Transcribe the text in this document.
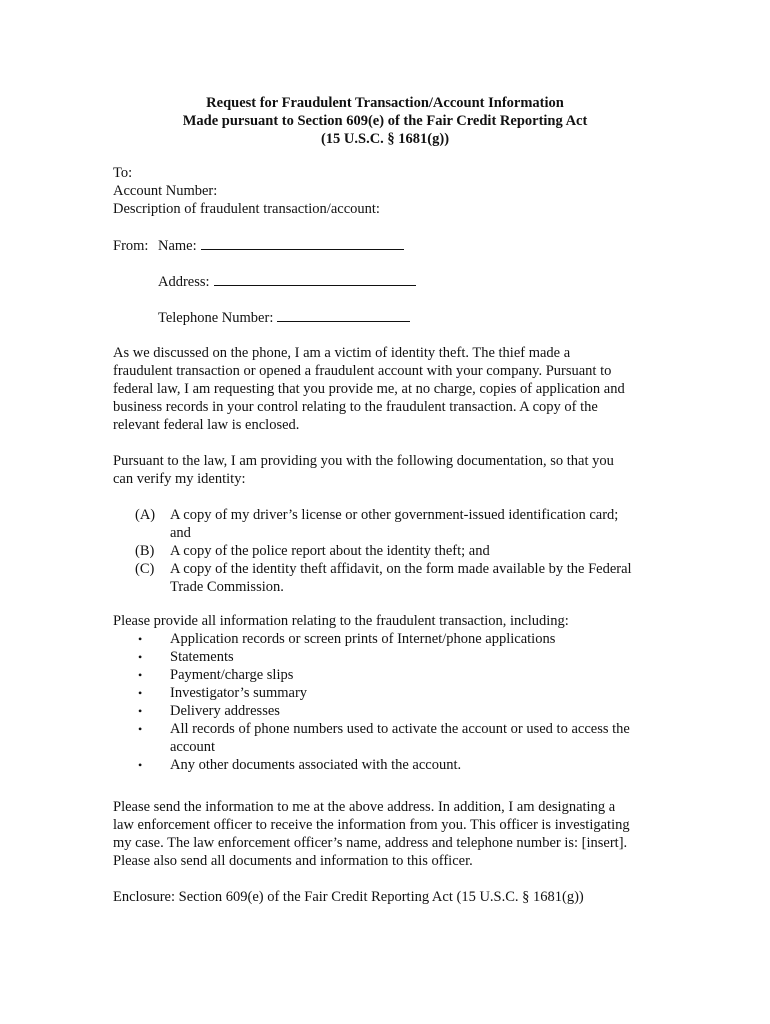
Request for Fraudulent Transaction/Account Information
Made pursuant to Section 609(e) of the Fair Credit Reporting Act
(15 U.S.C. § 1681(g))
To:
Account Number:
Description of fraudulent transaction/account:
From: Name:
Address:
Telephone Number:
As we discussed on the phone, I am a victim of identity theft. The thief made a
fraudulent transaction or opened a fraudulent account with your company. Pursuant to
federal law, I am requesting that you provide me, at no charge, copies of application and
business records in your control relating to the fraudulent transaction. A copy of the
relevant federal law is enclosed.
Pursuant to the law, I am providing you with the following documentation, so that you
can verify my identity:
(A)	A copy of my driver’s license or other government-issued identification card;
and
(B)	A copy of the police report about the identity theft; and
(C)	A copy of the identity theft affidavit, on the form made available by the Federal
Trade Commission.
Please provide all information relating to the fraudulent transaction, including:
•	Application records or screen prints of Internet/phone applications
•	Statements
•	Payment/charge slips
•	Investigator’s summary
•	Delivery addresses
•	All records of phone numbers used to activate the account or used to access the
account
•	Any other documents associated with the account.
Please send the information to me at the above address. In addition, I am designating a
law enforcement officer to receive the information from you. This officer is investigating
my case. The law enforcement officer’s name, address and telephone number is: [insert].
Please also send all documents and information to this officer.
Enclosure: Section 609(e) of the Fair Credit Reporting Act (15 U.S.C. § 1681(g))
